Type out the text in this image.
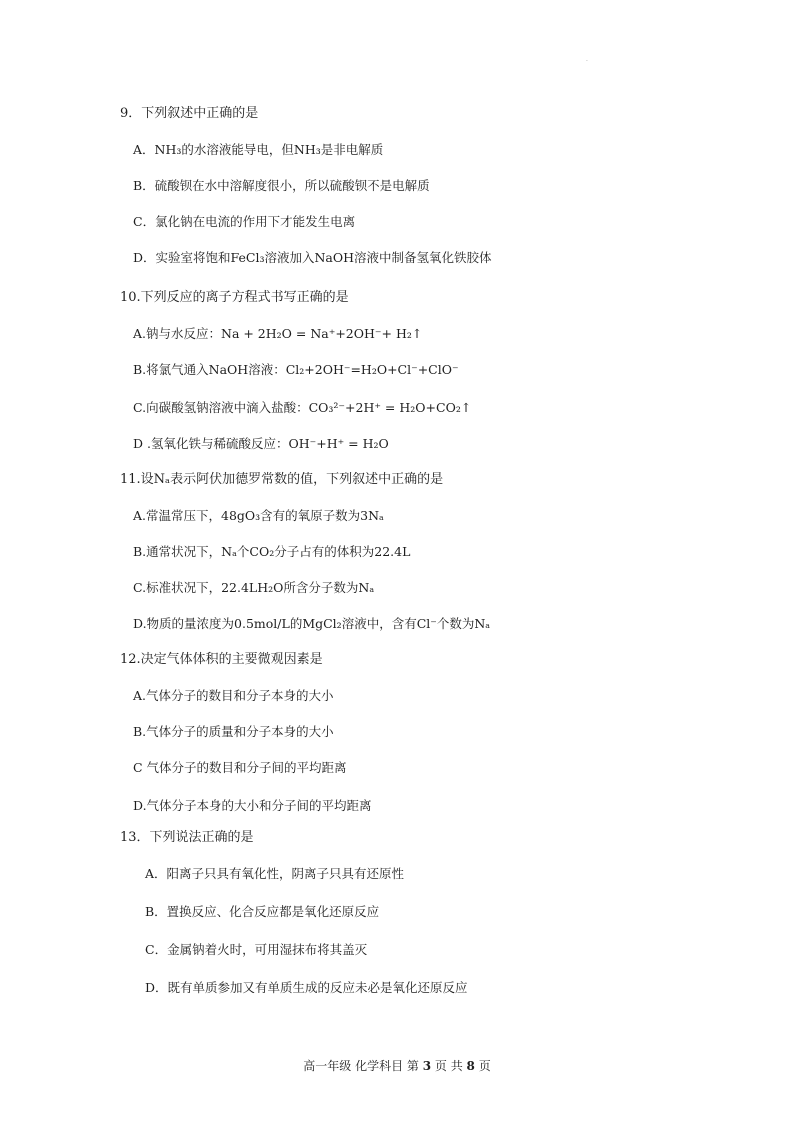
·
9．下列叙述中正确的是
A．NH₃的水溶液能导电，但NH₃是非电解质
B．硫酸钡在水中溶解度很小，所以硫酸钡不是电解质
C．氯化钠在电流的作用下才能发生电离
D．实验室将饱和FeCl₃溶液加入NaOH溶液中制备氢氧化铁胶体
10.下列反应的离子方程式书写正确的是
A.钠与水反应：Na + 2H₂O = Na⁺+2OH⁻+ H₂↑
B.将氯气通入NaOH溶液：Cl₂+2OH⁻=H₂O+Cl⁻+ClO⁻
C.向碳酸氢钠溶液中滴入盐酸：CO₃²⁻+2H⁺ = H₂O+CO₂↑
D .氢氧化铁与稀硫酸反应：OH⁻+H⁺ = H₂O
11.设Nₐ表示阿伏加德罗常数的值，下列叙述中正确的是
A.常温常压下，48gO₃含有的氧原子数为3Nₐ
B.通常状况下，Nₐ个CO₂分子占有的体积为22.4L
C.标准状况下，22.4LH₂O所含分子数为Nₐ
D.物质的量浓度为0.5mol/L的MgCl₂溶液中，含有Cl⁻个数为Nₐ
12.决定气体体积的主要微观因素是
A.气体分子的数目和分子本身的大小
B.气体分子的质量和分子本身的大小
C 气体分子的数目和分子间的平均距离
D.气体分子本身的大小和分子间的平均距离
13．下列说法正确的是
A．阳离子只具有氧化性，阴离子只具有还原性
B．置换反应、化合反应都是氧化还原反应
C．金属钠着火时，可用湿抹布将其盖灭
D．既有单质参加又有单质生成的反应未必是氧化还原反应
高一年级 化学科目 第 3 页 共 8 页
